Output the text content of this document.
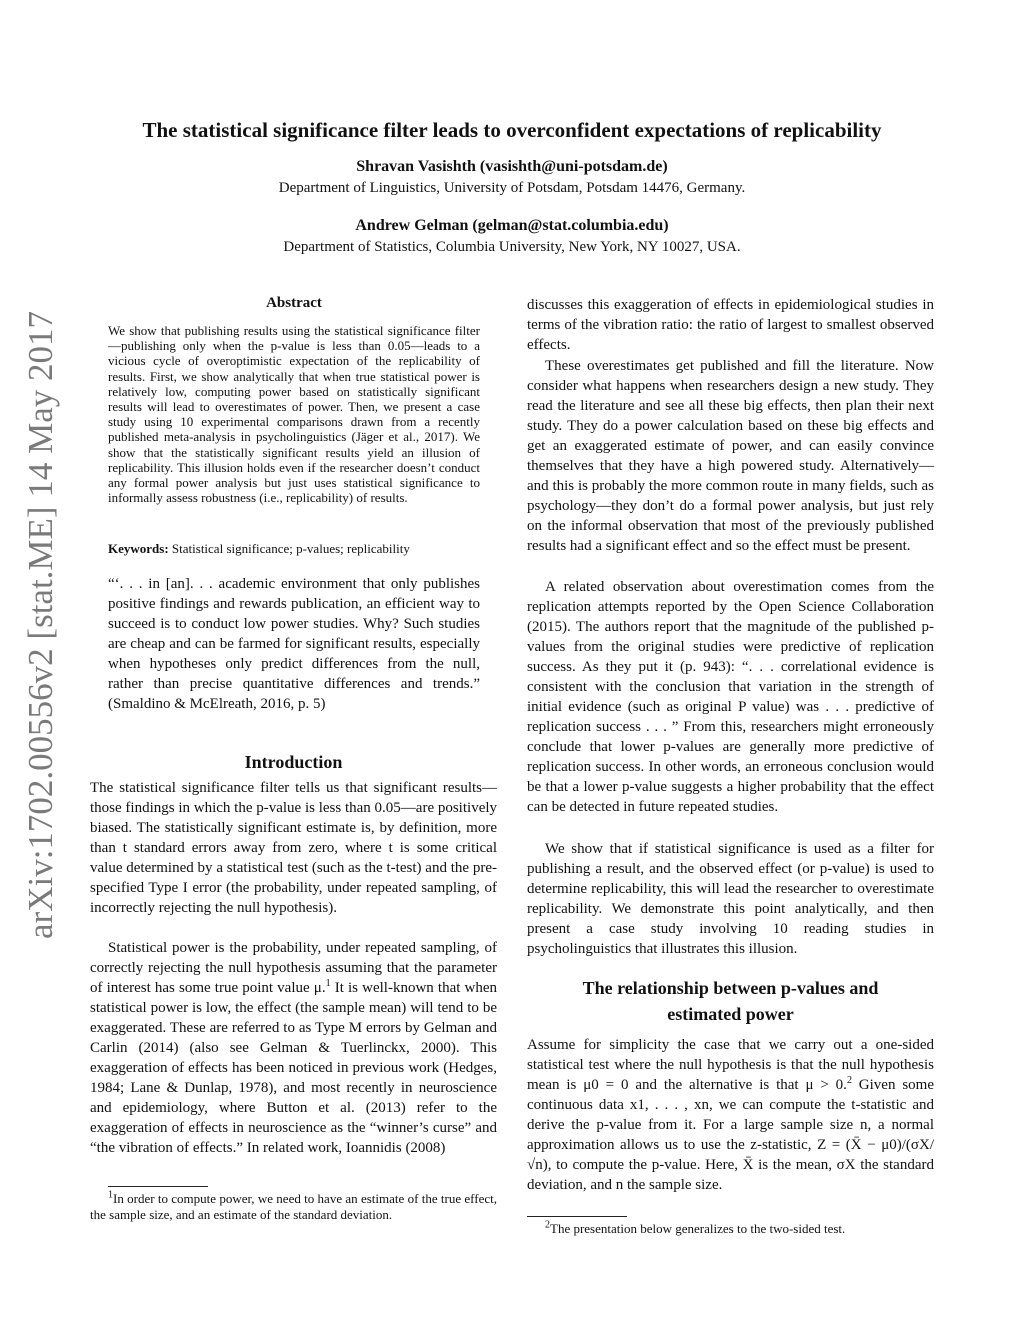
The statistical significance filter leads to overconfident expectations of replicability
Shravan Vasishth (vasishth@uni-potsdam.de)
Department of Linguistics, University of Potsdam, Potsdam 14476, Germany.
Andrew Gelman (gelman@stat.columbia.edu)
Department of Statistics, Columbia University, New York, NY 10027, USA.
arXiv:1702.00556v2 [stat.ME] 14 May 2017
Abstract

We show that publishing results using the statistical significance filter—publishing only when the p-value is less than 0.05—leads to a vicious cycle of overoptimistic expectation of the replicability of results. First, we show analytically that when true statistical power is relatively low, computing power based on statistically significant results will lead to overestimates of power. Then, we present a case study using 10 experimental comparisons drawn from a recently published meta-analysis in psycholinguistics (Jäger et al., 2017). We show that the statistically significant results yield an illusion of replicability. This illusion holds even if the researcher doesn’t conduct any formal power analysis but just uses statistical significance to informally assess robustness (i.e., replicability) of results.

Keywords: Statistical significance; p-values; replicability

“‘. . . in [an]. . . academic environment that only publishes positive findings and rewards publication, an efficient way to succeed is to conduct low power studies. Why? Such studies are cheap and can be farmed for significant results, especially when hypotheses only predict differences from the null, rather than precise quantitative differences and trends.” (Smaldino & McElreath, 2016, p. 5)

Introduction

The statistical significance filter tells us that significant results—those findings in which the p-value is less than 0.05—are positively biased. The statistically significant estimate is, by definition, more than t standard errors away from zero, where t is some critical value determined by a statistical test (such as the t-test) and the pre-specified Type I error (the probability, under repeated sampling, of incorrectly rejecting the null hypothesis).

Statistical power is the probability, under repeated sampling, of correctly rejecting the null hypothesis assuming that the parameter of interest has some true point value μ.$^1$ It is well-known that when statistical power is low, the effect (the sample mean) will tend to be exaggerated. These are referred to as Type M errors by Gelman and Carlin (2014) (also see Gelman & Tuerlinckx, 2000). This exaggeration of effects has been noticed in previous work (Hedges, 1984; Lane & Dunlap, 1978), and most recently in neuroscience and epidemiology, where Button et al. (2013) refer to the exaggeration of effects in neuroscience as the “winner’s curse” and “the vibration of effects.” In related work, Ioannidis (2008)

$^1$In order to compute power, we need to have an estimate of the true effect, the sample size, and an estimate of the standard deviation.

discusses this exaggeration of effects in epidemiological studies in terms of the vibration ratio: the ratio of largest to smallest observed effects.

These overestimates get published and fill the literature. Now consider what happens when researchers design a new study. They read the literature and see all these big effects, then plan their next study. They do a power calculation based on these big effects and get an exaggerated estimate of power, and can easily convince themselves that they have a high powered study. Alternatively—and this is probably the more common route in many fields, such as psychology—they don’t do a formal power analysis, but just rely on the informal observation that most of the previously published results had a significant effect and so the effect must be present.

A related observation about overestimation comes from the replication attempts reported by the Open Science Collaboration (2015). The authors report that the magnitude of the published p-values from the original studies were predictive of replication success. As they put it (p. 943): “. . . correlational evidence is consistent with the conclusion that variation in the strength of initial evidence (such as original P value) was . . . predictive of replication success . . . ” From this, researchers might erroneously conclude that lower p-values are generally more predictive of replication success. In other words, an erroneous conclusion would be that a lower p-value suggests a higher probability that the effect can be detected in future repeated studies.

We show that if statistical significance is used as a filter for publishing a result, and the observed effect (or p-value) is used to determine replicability, this will lead the researcher to overestimate replicability. We demonstrate this point analytically, and then present a case study involving 10 reading studies in psycholinguistics that illustrates this illusion.

The relationship between p-values and
estimated power

Assume for simplicity the case that we carry out a one-sided statistical test where the null hypothesis is that the null hypothesis mean is μ0 = 0 and the alternative is that μ > 0.$^2$ Given some continuous data x1, . . . , xn, we can compute the t-statistic and derive the p-value from it. For a large sample size n, a normal approximation allows us to use the z-statistic, Z = (X̄ − μ0)/(σX/√n), to compute the p-value. Here, X̄ is the mean, σX the standard deviation, and n the sample size.

$^2$The presentation below generalizes to the two-sided test.
